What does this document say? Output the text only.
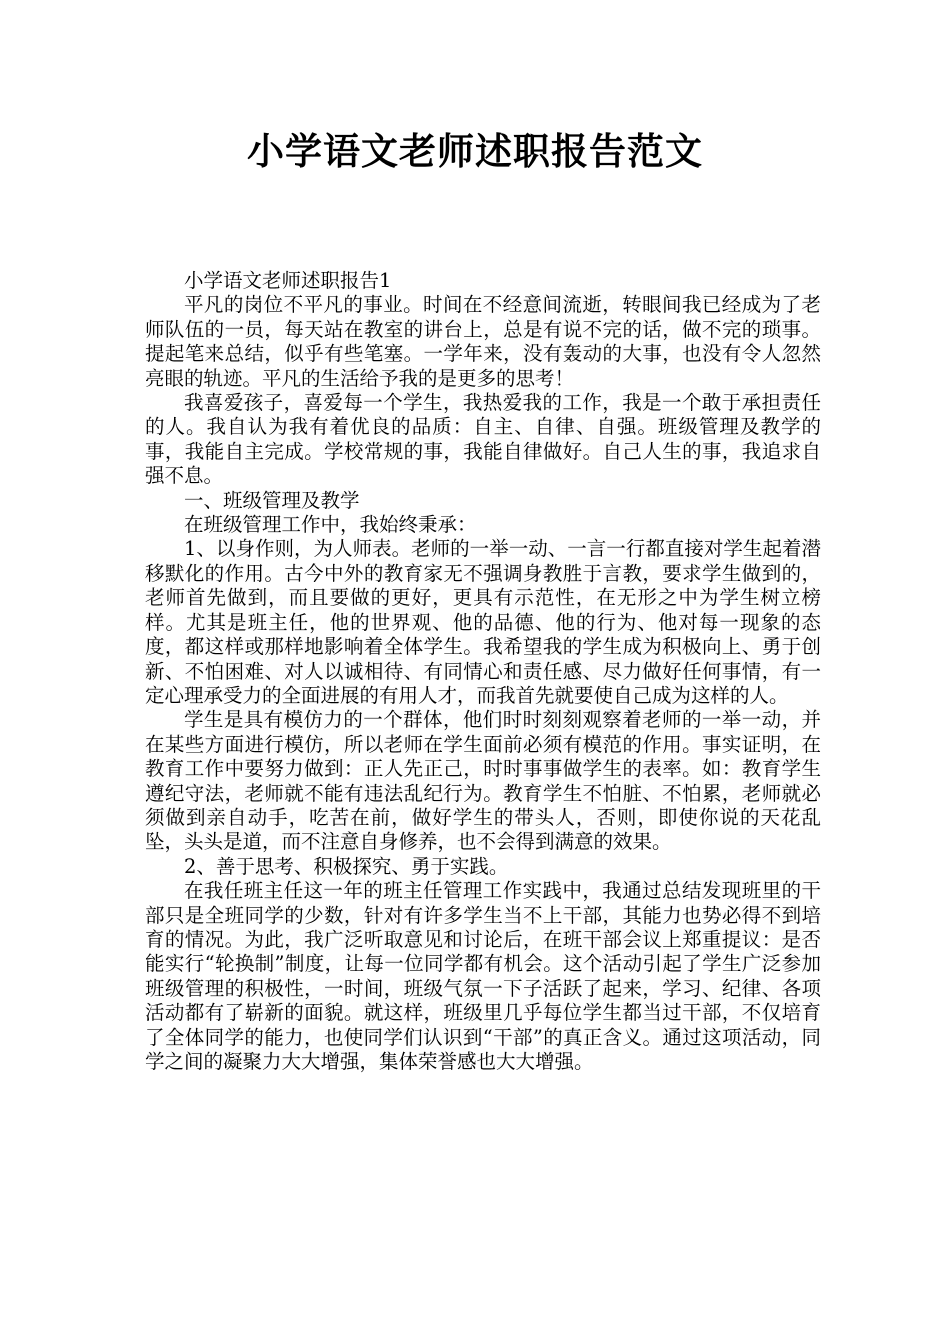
小学语文老师述职报告范文

小学语文老师述职报告1

平凡的岗位不平凡的事业。时间在不经意间流逝，转眼间我已经成为了老师队伍的一员，每天站在教室的讲台上，总是有说不完的话，做不完的琐事。提起笔来总结，似乎有些笔塞。一学年来，没有轰动的大事，也没有令人忽然亮眼的轨迹。平凡的生活给予我的是更多的思考！

我喜爱孩子，喜爱每一个学生，我热爱我的工作，我是一个敢于承担责任的人。我自认为我有着优良的品质：自主、自律、自强。班级管理及教学的事，我能自主完成。学校常规的事，我能自律做好。自己人生的事，我追求自强不息。

一、班级管理及教学

在班级管理工作中，我始终秉承：

1、以身作则，为人师表。老师的一举一动、一言一行都直接对学生起着潜移默化的作用。古今中外的教育家无不强调身教胜于言教，要求学生做到的，老师首先做到，而且要做的更好，更具有示范性，在无形之中为学生树立榜样。尤其是班主任，他的世界观、他的品德、他的行为、他对每一现象的态度，都这样或那样地影响着全体学生。我希望我的学生成为积极向上、勇于创新、不怕困难、对人以诚相待、有同情心和责任感、尽力做好任何事情，有一定心理承受力的全面进展的有用人才，而我首先就要使自己成为这样的人。

学生是具有模仿力的一个群体，他们时时刻刻观察着老师的一举一动，并在某些方面进行模仿，所以老师在学生面前必须有模范的作用。事实证明，在教育工作中要努力做到：正人先正己，时时事事做学生的表率。如：教育学生遵纪守法，老师就不能有违法乱纪行为。教育学生不怕脏、不怕累，老师就必须做到亲自动手，吃苦在前，做好学生的带头人，否则，即使你说的天花乱坠，头头是道，而不注意自身修养，也不会得到满意的效果。

2、善于思考、积极探究、勇于实践。

在我任班主任这一年的班主任管理工作实践中，我通过总结发现班里的干部只是全班同学的少数，针对有许多学生当不上干部，其能力也势必得不到培育的情况。为此，我广泛听取意见和讨论后，在班干部会议上郑重提议：是否能实行“轮换制”制度，让每一位同学都有机会。这个活动引起了学生广泛参加班级管理的积极性，一时间，班级气氛一下子活跃了起来，学习、纪律、各项活动都有了崭新的面貌。就这样，班级里几乎每位学生都当过干部，不仅培育了全体同学的能力，也使同学们认识到“干部”的真正含义。通过这项活动，同学之间的凝聚力大大增强，集体荣誉感也大大增强。
